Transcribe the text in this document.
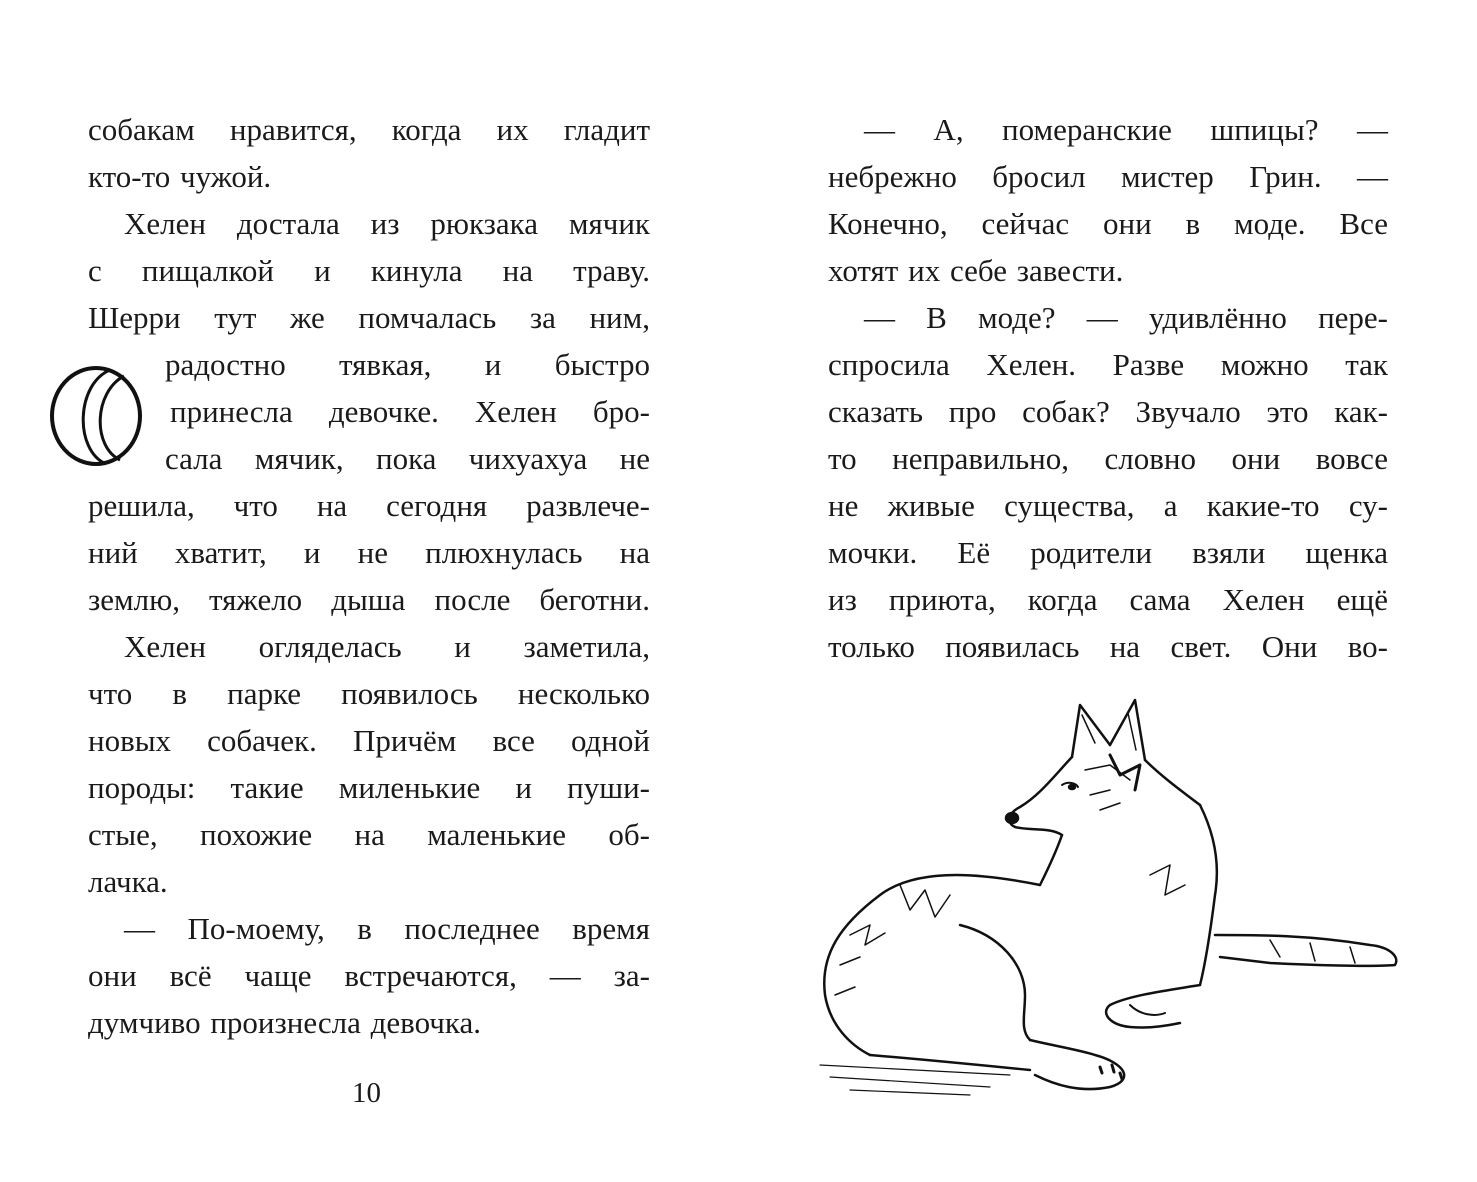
собакам нравится, когда их гладит
кто-то чужой.
Хелен достала из рюкзака мячик
с пищалкой и кинула на траву.
Шерри тут же помчалась за ним,
радостно тявкая, и быстро
принесла девочке. Хелен бро-
сала мячик, пока чихуахуа не
решила, что на сегодня развлече-
ний хватит, и не плюхнулась на
землю, тяжело дыша после беготни.
Хелен огляделась и заметила,
что в парке появилось несколько
новых собачек. Причём все одной
породы: такие миленькие и пуши-
стые, похожие на маленькие об-
лачка.
— По-моему, в последнее время
они всё чаще встречаются, — за-
думчиво произнесла девочка.
10
— А, померанские шпицы? —
небрежно бросил мистер Грин. —
Конечно, сейчас они в моде. Все
хотят их себе завести.
— В моде? — удивлённо пере-
спросила Хелен. Разве можно так
сказать про собак? Звучало это как-
то неправильно, словно они вовсе
не живые существа, а какие-то су-
мочки. Её родители взяли щенка
из приюта, когда сама Хелен ещё
только появилась на свет. Они во-
